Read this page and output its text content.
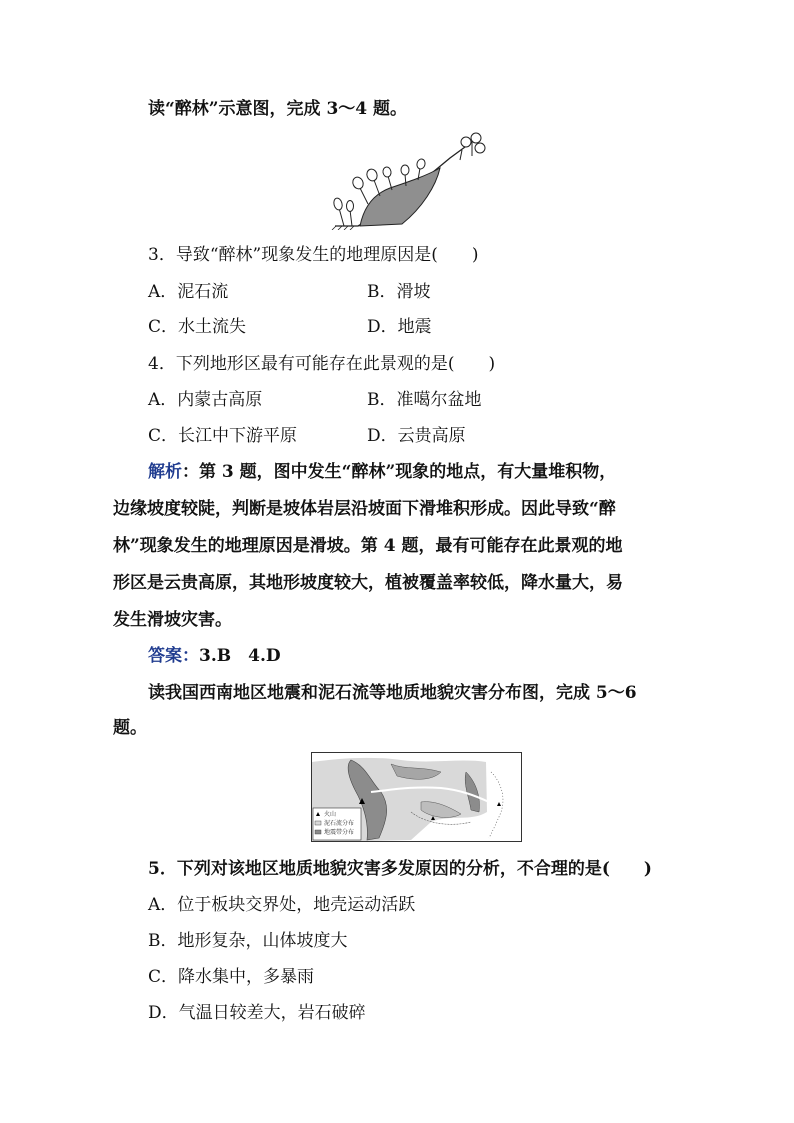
读“醉林”示意图，完成 3～4 题。
3．导致“醉林”现象发生的地理原因是(　　)
A．泥石流	B．滑坡
C．水土流失	D．地震
4．下列地形区最有可能存在此景观的是(　　)
A．内蒙古高原	B．准噶尔盆地
C．长江中下游平原	D．云贵高原
解析：第 3 题，图中发生“醉林”现象的地点，有大量堆积物，
边缘坡度较陡，判断是坡体岩层沿坡面下滑堆积形成。因此导致“醉
林”现象发生的地理原因是滑坡。第 4 题，最有可能存在此景观的地
形区是云贵高原，其地形坡度较大，植被覆盖率较低，降水量大，易
发生滑坡灾害。
答案：3.B　4.D
读我国西南地区地震和泥石流等地质地貌灾害分布图，完成 5～6
题。
火山
泥石流分布
地震带分布
5．下列对该地区地质地貌灾害多发原因的分析，不合理的是(　　)
A．位于板块交界处，地壳运动活跃
B．地形复杂，山体坡度大
C．降水集中，多暴雨
D．气温日较差大，岩石破碎
